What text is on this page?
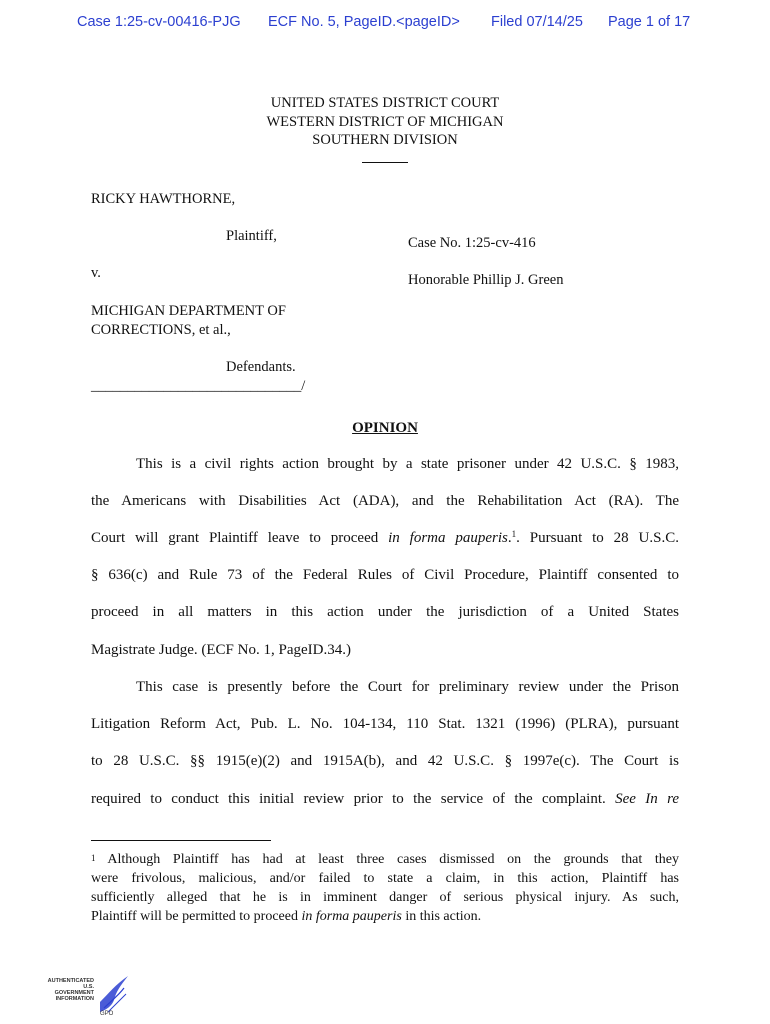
Case 1:25-cv-00416-PJG ECF No. 5, PageID.<pageID> Filed 07/14/25 Page 1 of 17
UNITED STATES DISTRICT COURT
WESTERN DISTRICT OF MICHIGAN
SOUTHERN DIVISION
RICKY HAWTHORNE,
Plaintiff,	Case No. 1:25-cv-416
v.	Honorable Phillip J. Green
MICHIGAN DEPARTMENT OF
CORRECTIONS, et al.,
Defendants.
_____________________________/
OPINION
This is a civil rights action brought by a state prisoner under 42 U.S.C. § 1983,
the Americans with Disabilities Act (ADA), and the Rehabilitation Act (RA). The
Court will grant Plaintiff leave to proceed in forma pauperis.$^1$. Pursuant to 28 U.S.C.
§ 636(c) and Rule 73 of the Federal Rules of Civil Procedure, Plaintiff consented to
proceed in all matters in this action under the jurisdiction of a United States
Magistrate Judge. (ECF No. 1, PageID.34.)
This case is presently before the Court for preliminary review under the Prison
Litigation Reform Act, Pub. L. No. 104-134, 110 Stat. 1321 (1996) (PLRA), pursuant
to 28 U.S.C. §§ 1915(e)(2) and 1915A(b), and 42 U.S.C. § 1997e(c). The Court is
required to conduct this initial review prior to the service of the complaint. See In re
$^1$ Although Plaintiff has had at least three cases dismissed on the grounds that they
were frivolous, malicious, and/or failed to state a claim, in this action, Plaintiff has
sufficiently alleged that he is in imminent danger of serious physical injury. As such,
Plaintiff will be permitted to proceed in forma pauperis in this action.
AUTHENTICATED
U.S. GOVERNMENT
INFORMATION
GPO
